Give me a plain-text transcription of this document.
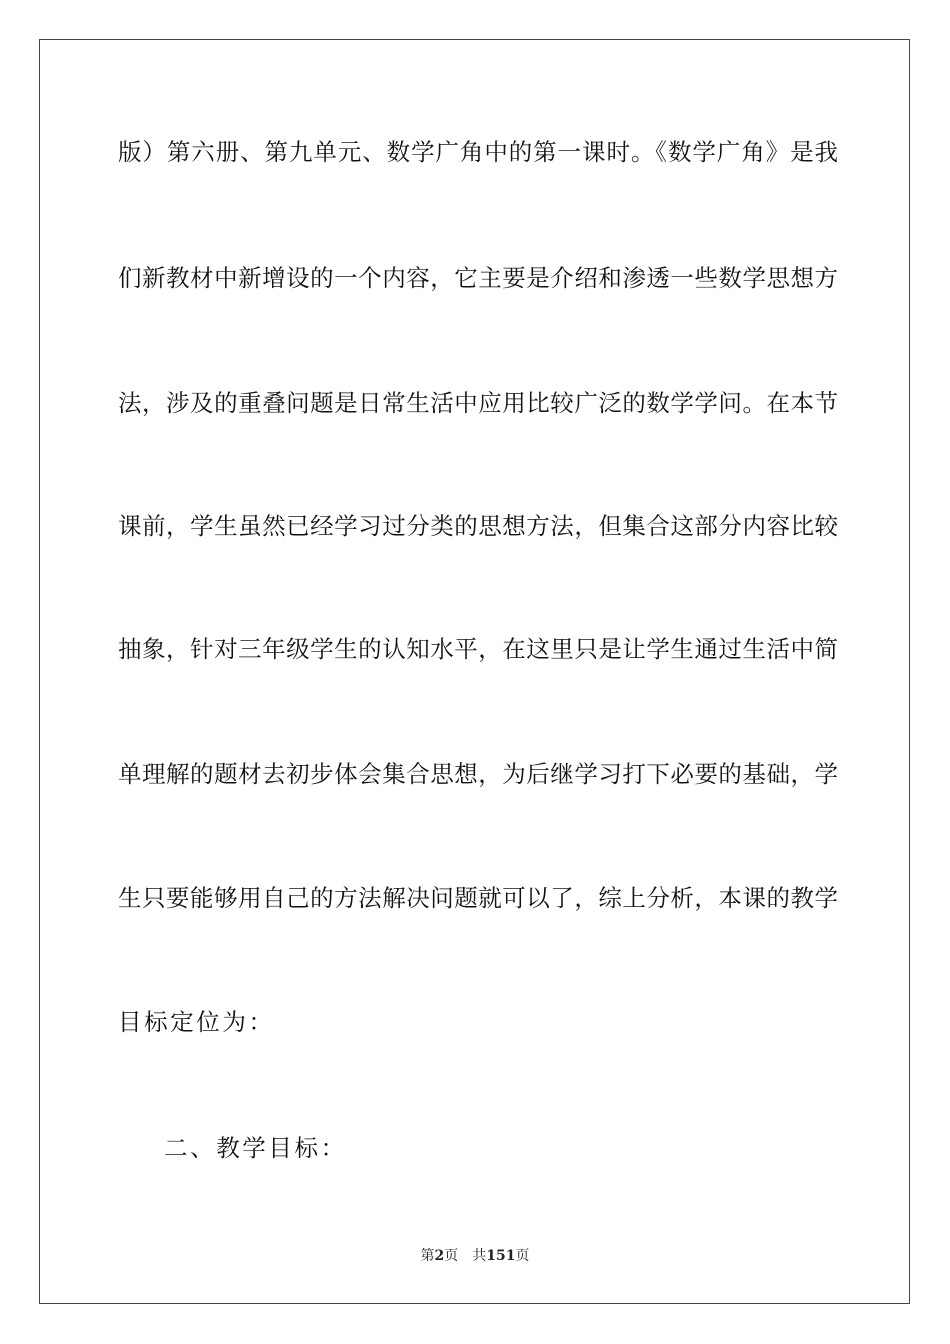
版）第六册、第九单元、数学广角中的第一课时。《数学广角》是我
们新教材中新增设的一个内容，它主要是介绍和渗透一些数学思想方
法，涉及的重叠问题是日常生活中应用比较广泛的数学学问。在本节
课前，学生虽然已经学习过分类的思想方法，但集合这部分内容比较
抽象，针对三年级学生的认知水平，在这里只是让学生通过生活中简
单理解的题材去初步体会集合思想，为后继学习打下必要的基础，学
生只要能够用自己的方法解决问题就可以了，综上分析，本课的教学
目标定位为：
二、教学目标：
第2页 共151页
